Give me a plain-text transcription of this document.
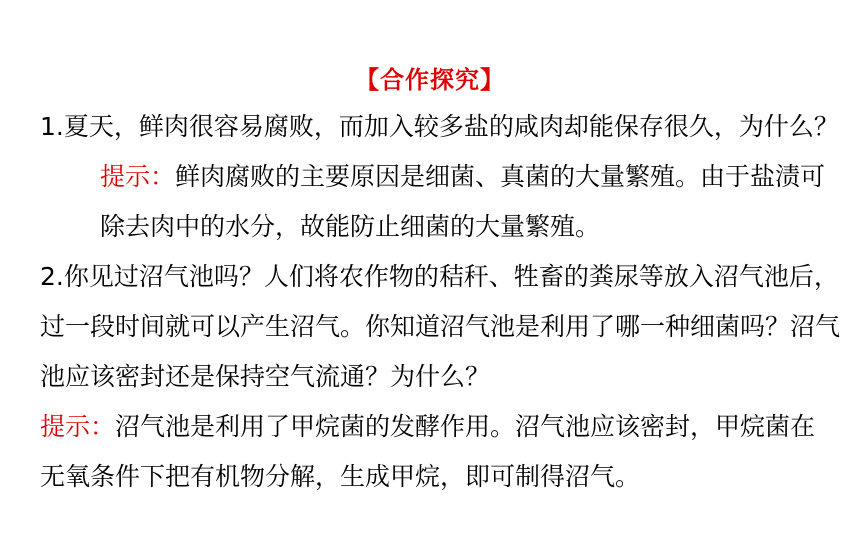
【合作探究】

1.夏天，鲜肉很容易腐败，而加入较多盐的咸肉却能保存很久，为什么？

提示：鲜肉腐败的主要原因是细菌、真菌的大量繁殖。由于盐渍可除去肉中的水分，故能防止细菌的大量繁殖。

2.你见过沼气池吗？人们将农作物的秸秆、牲畜的粪尿等放入沼气池后，过一段时间就可以产生沼气。你知道沼气池是利用了哪一种细菌吗？沼气池应该密封还是保持空气流通？为什么？

提示：沼气池是利用了甲烷菌的发酵作用。沼气池应该密封，甲烷菌在无氧条件下把有机物分解，生成甲烷，即可制得沼气。
